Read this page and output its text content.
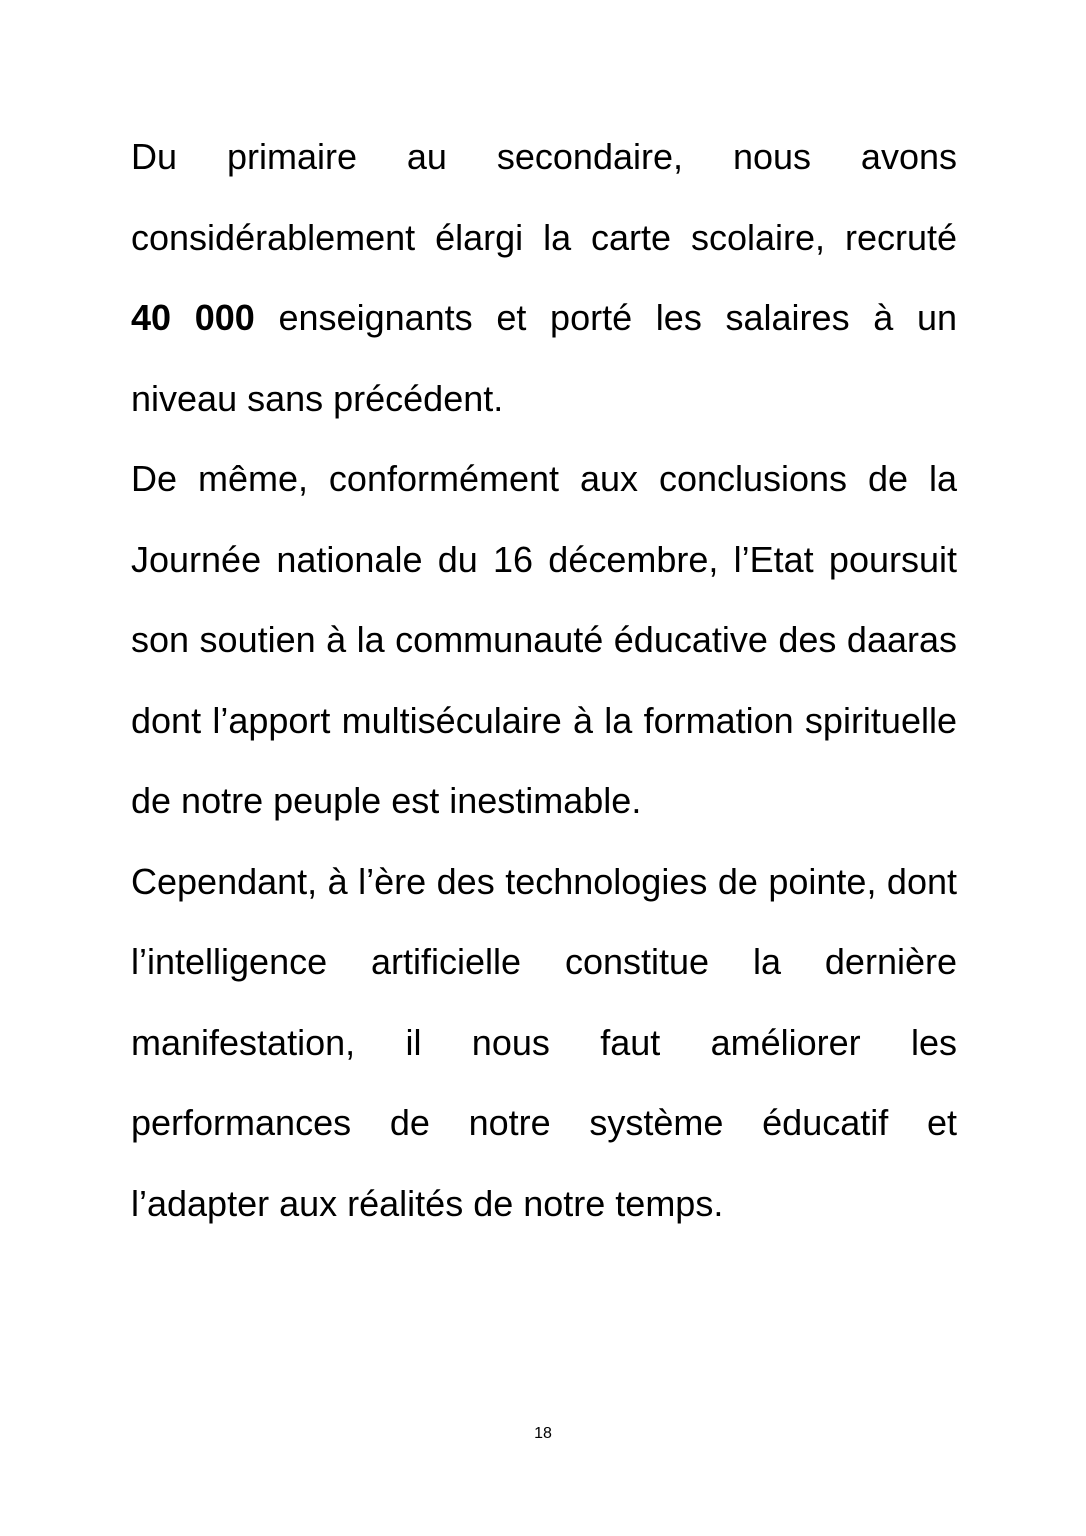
Du primaire au secondaire, nous avons considérablement élargi la carte scolaire, recruté 40 000 enseignants et porté les salaires à un niveau sans précédent.

De même, conformément aux conclusions de la Journée nationale du 16 décembre, l’Etat poursuit son soutien à la communauté éducative des daaras dont l’apport multiséculaire à la formation spirituelle de notre peuple est inestimable.

Cependant, à l’ère des technologies de pointe, dont l’intelligence artificielle constitue la dernière manifestation, il nous faut améliorer les performances de notre système éducatif et l’adapter aux réalités de notre temps.

18
